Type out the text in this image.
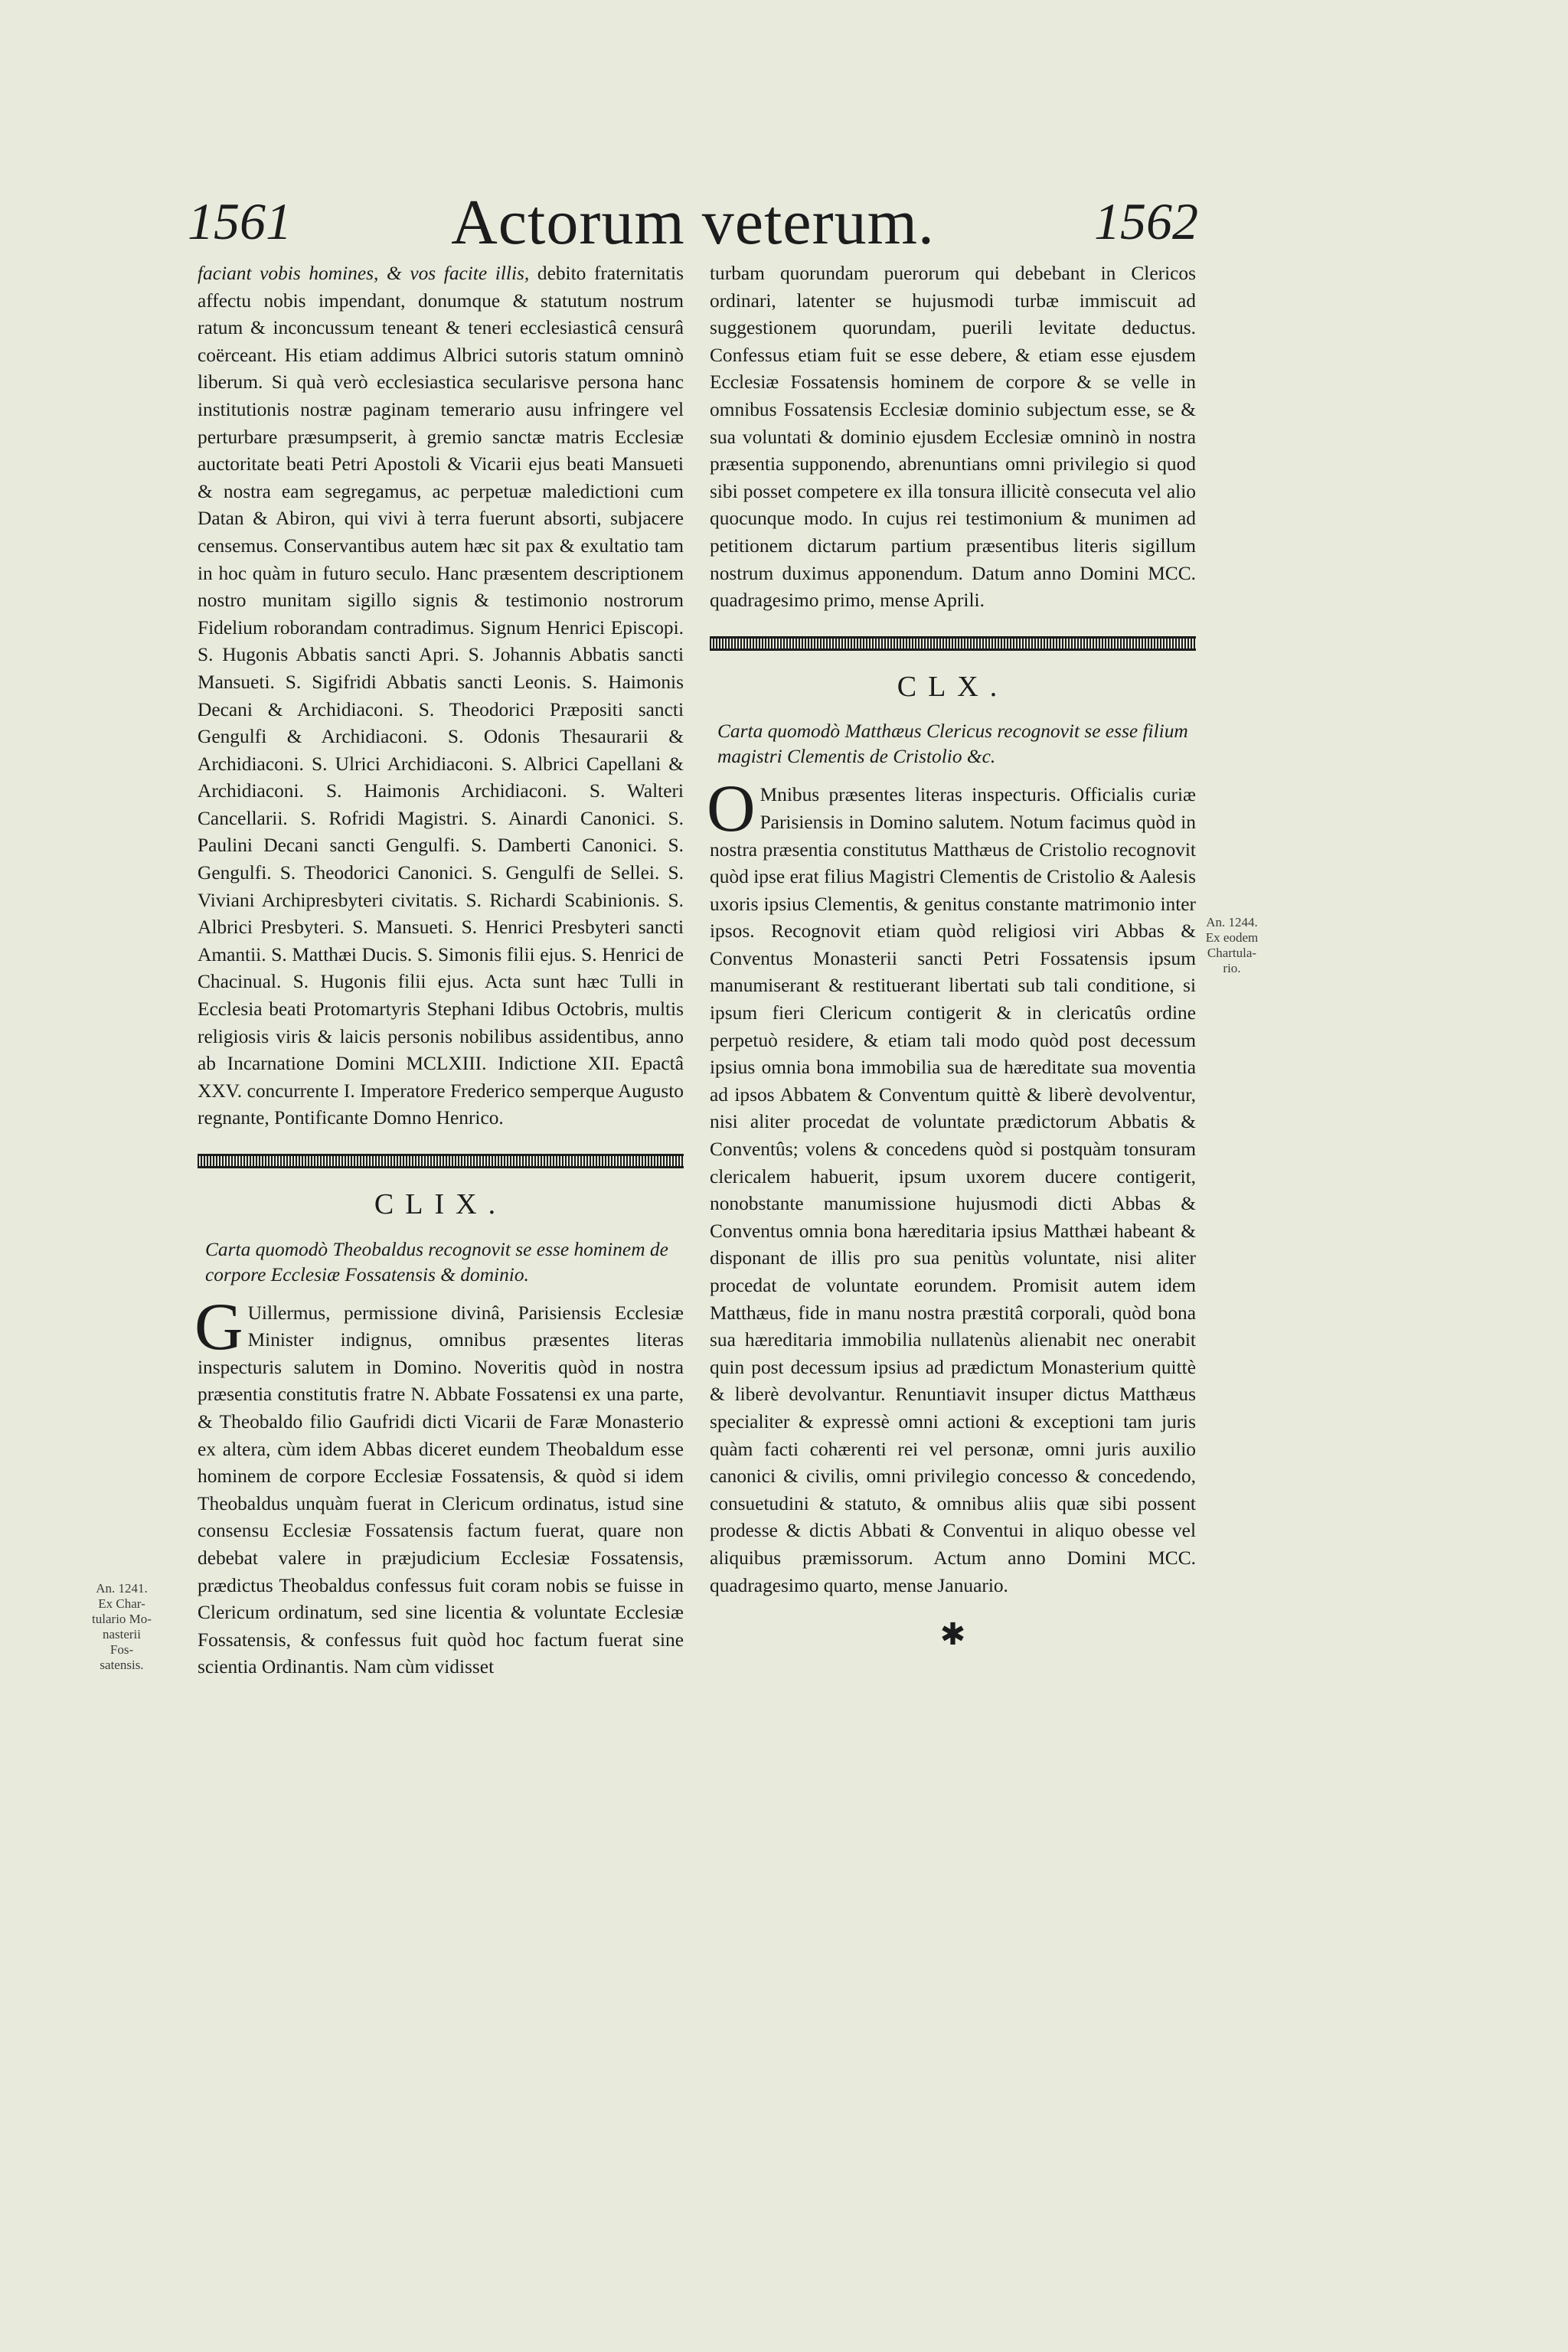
1561	Actorum veterum.	1562

faciant vobis homines, & vos facite illis, debito fraternitatis affectu nobis impendant, donumque & statutum nostrum ratum & inconcussum teneant & teneri ecclesiasticâ censurâ coërceant. His etiam addimus Albrici sutoris statum omninò liberum. Si quà verò ecclesiastica secularisve persona hanc institutionis nostræ paginam temerario ausu infringere vel perturbare præsumpserit, à gremio sanctæ matris Ecclesiæ auctoritate beati Petri Apostoli & Vicarii ejus beati Mansueti & nostra eam segregamus, ac perpetuæ maledictioni cum Datan & Abiron, qui vivi à terra fuerunt absorti, subjacere censemus. Conservantibus autem hæc sit pax & exultatio tam in hoc quàm in futuro seculo. Hanc præsentem descriptionem nostro munitam sigillo signis & testimonio nostrorum Fidelium roborandam contradimus. Signum Henrici Episcopi. S. Hugonis Abbatis sancti Apri. S. Johannis Abbatis sancti Mansueti. S. Sigifridi Abbatis sancti Leonis. S. Haimonis Decani & Archidiaconi. S. Theodorici Præpositi sancti Gengulfi & Archidiaconi. S. Odonis Thesaurarii & Archidiaconi. S. Ulrici Archidiaconi. S. Albrici Capellani & Archidiaconi. S. Haimonis Archidiaconi. S. Walteri Cancellarii. S. Rofridi Magistri. S. Ainardi Canonici. S. Paulini Decani sancti Gengulfi. S. Damberti Canonici. S. Gengulfi. S. Theodorici Canonici. S. Gengulfi de Sellei. S. Viviani Archipresbyteri civitatis. S. Richardi Scabinionis. S. Albrici Presbyteri. S. Mansueti. S. Henrici Presbyteri sancti Amantii. S. Matthæi Ducis. S. Simonis filii ejus. S. Henrici de Chacinual. S. Hugonis filii ejus. Acta sunt hæc Tulli in Ecclesia beati Protomartyris Stephani Idibus Octobris, multis religiosis viris & laicis personis nobilibus assidentibus, anno ab Incarnatione Domini MCLXIII. Indictione XII. Epactâ XXV. concurrente I. Imperatore Frederico semperque Augusto regnante, Pontificante Domno Henrico.

CLIX.
Carta quomodò Theobaldus recognovit se esse hominem de corpore Ecclesiæ Fossatensis & dominio.

G Uillermus, permissione divinâ, Parisiensis Ecclesiæ Minister indignus, omnibus præsentes literas inspecturis salutem in Domino. Noveritis quòd in nostra præsentia constitutis fratre N. Abbate Fossatensi ex una parte, & Theobaldo filio Gaufridi dicti Vicarii de Faræ Monasterio ex altera, cùm idem Abbas diceret eundem Theobaldum esse hominem de corpore Ecclesiæ Fossatensis, & quòd si idem Theobaldus unquàm fuerat in Clericum ordinatus, istud sine consensu Ecclesiæ Fossatensis factum fuerat, quare non debebat valere in præjudicium Ecclesiæ Fossatensis, prædictus Theobaldus confessus fuit coram nobis se fuisse in Clericum ordinatum, sed sine licentia & voluntate Ecclesiæ Fossatensis, & confessus fuit quòd hoc factum fuerat sine scientia Ordinantis. Nam cùm vidisset

turbam quorundam puerorum qui debebant in Clericos ordinari, latenter se hujusmodi turbæ immiscuit ad suggestionem quorundam, puerili levitate deductus. Confessus etiam fuit se esse debere, & etiam esse ejusdem Ecclesiæ Fossatensis hominem de corpore & se velle in omnibus Fossatensis Ecclesiæ dominio subjectum esse, se & sua voluntati & dominio ejusdem Ecclesiæ omninò in nostra præsentia supponendo, abrenuntians omni privilegio si quod sibi posset competere ex illa tonsura illicitè consecuta vel alio quocunque modo. In cujus rei testimonium & munimen ad petitionem dictarum partium præsentibus literis sigillum nostrum duximus apponendum. Datum anno Domini MCC. quadragesimo primo, mense Aprili.

CLX.
Carta quomodò Matthæus Clericus recognovit se esse filium magistri Clementis de Cristolio &c.

O Mnibus præsentes literas inspecturis. Officialis curiæ Parisiensis in Domino salutem. Notum facimus quòd in nostra præsentia constitutus Matthæus de Cristolio recognovit quòd ipse erat filius Magistri Clementis de Cristolio & Aalesis uxoris ipsius Clementis, & genitus constante matrimonio inter ipsos. Recognovit etiam quòd religiosi viri Abbas & Conventus Monasterii sancti Petri Fossatensis ipsum manumiserant & restituerant libertati sub tali conditione, si ipsum fieri Clericum contigerit & in clericatûs ordine perpetuò residere, & etiam tali modo quòd post decessum ipsius omnia bona immobilia sua de hæreditate sua moventia ad ipsos Abbatem & Conventum quittè & liberè devolventur, nisi aliter procedat de voluntate prædictorum Abbatis & Conventûs; volens & concedens quòd si postquàm tonsuram clericalem habuerit, ipsum uxorem ducere contigerit, nonobstante manumissione hujusmodi dicti Abbas & Conventus omnia bona hæreditaria ipsius Matthæi habeant & disponant de illis pro sua penitùs voluntate, nisi aliter procedat de voluntate eorundem. Promisit autem idem Matthæus, fide in manu nostra præstitâ corporali, quòd bona sua hæreditaria immobilia nullatenùs alienabit nec onerabit quin post decessum ipsius ad prædictum Monasterium quittè & liberè devolvantur. Renuntiavit insuper dictus Matthæus specialiter & expressè omni actioni & exceptioni tam juris quàm facti cohærenti rei vel personæ, omni juris auxilio canonici & civilis, omni privilegio concesso & concedendo, consuetudini & statuto, & omnibus aliis quæ sibi possent prodesse & dictis Abbati & Conventui in aliquo obesse vel aliquibus præmissorum. Actum anno Domini MCC. quadragesimo quarto, mense Januario.

✱
An. 1241.
Ex Char-
tulario Mo-
nasterii Fos-
satensis.
An. 1244.
Ex eodem
Chartula-
rio.
